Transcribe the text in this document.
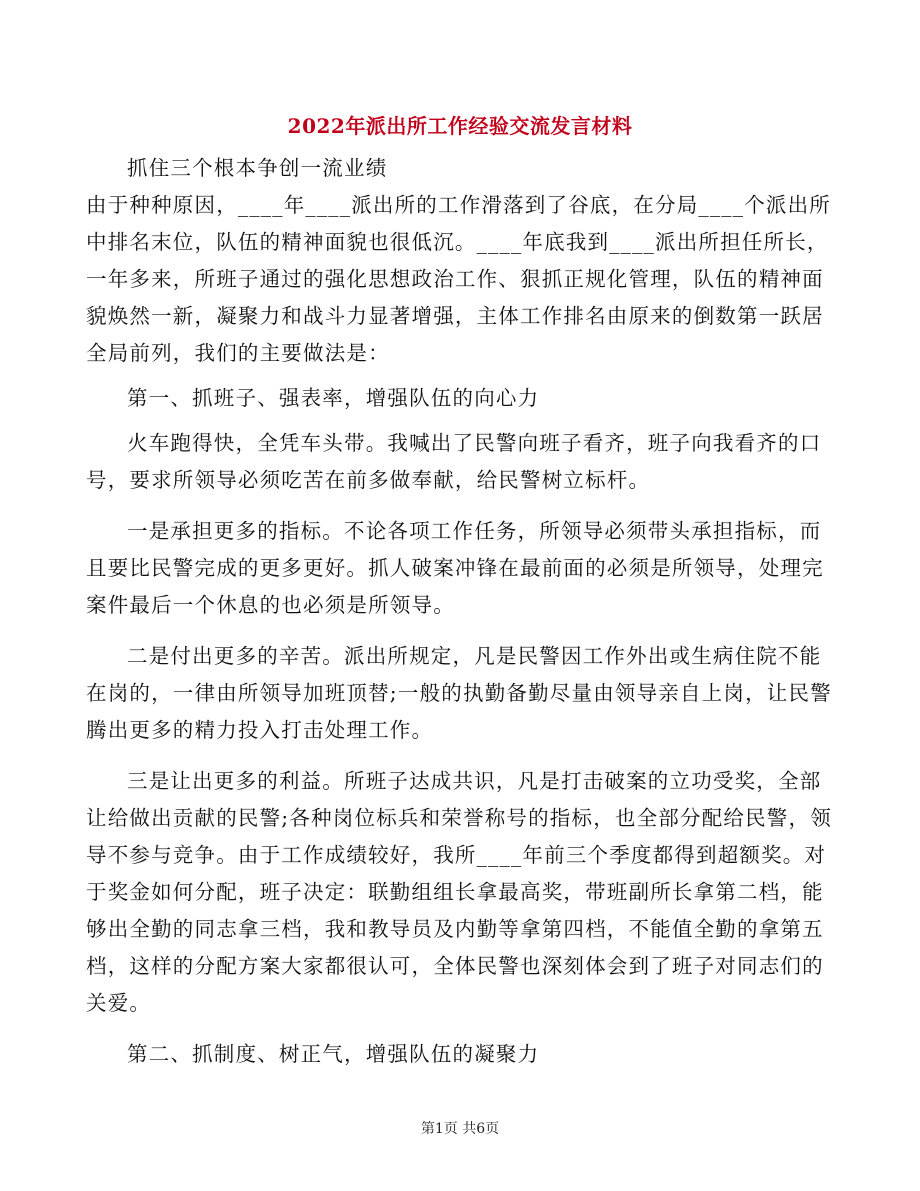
2022年派出所工作经验交流发言材料

抓住三个根本争创一流业绩

由于种种原因，____年____派出所的工作滑落到了谷底，在分局____个派出所中排名末位，队伍的精神面貌也很低沉。____年底我到____派出所担任所长，一年多来，所班子通过的强化思想政治工作、狠抓正规化管理，队伍的精神面貌焕然一新，凝聚力和战斗力显著增强，主体工作排名由原来的倒数第一跃居全局前列，我们的主要做法是：

第一、抓班子、强表率，增强队伍的向心力

火车跑得快，全凭车头带。我喊出了民警向班子看齐，班子向我看齐的口号，要求所领导必须吃苦在前多做奉献，给民警树立标杆。

一是承担更多的指标。不论各项工作任务，所领导必须带头承担指标，而且要比民警完成的更多更好。抓人破案冲锋在最前面的必须是所领导，处理完案件最后一个休息的也必须是所领导。

二是付出更多的辛苦。派出所规定，凡是民警因工作外出或生病住院不能在岗的，一律由所领导加班顶替;一般的执勤备勤尽量由领导亲自上岗，让民警腾出更多的精力投入打击处理工作。

三是让出更多的利益。所班子达成共识，凡是打击破案的立功受奖，全部让给做出贡献的民警;各种岗位标兵和荣誉称号的指标，也全部分配给民警，领导不参与竞争。由于工作成绩较好，我所____年前三个季度都得到超额奖。对于奖金如何分配，班子决定：联勤组组长拿最高奖，带班副所长拿第二档，能够出全勤的同志拿三档，我和教导员及内勤等拿第四档，不能值全勤的拿第五档，这样的分配方案大家都很认可，全体民警也深刻体会到了班子对同志们的关爱。

第二、抓制度、树正气，增强队伍的凝聚力

第1页 共6页
